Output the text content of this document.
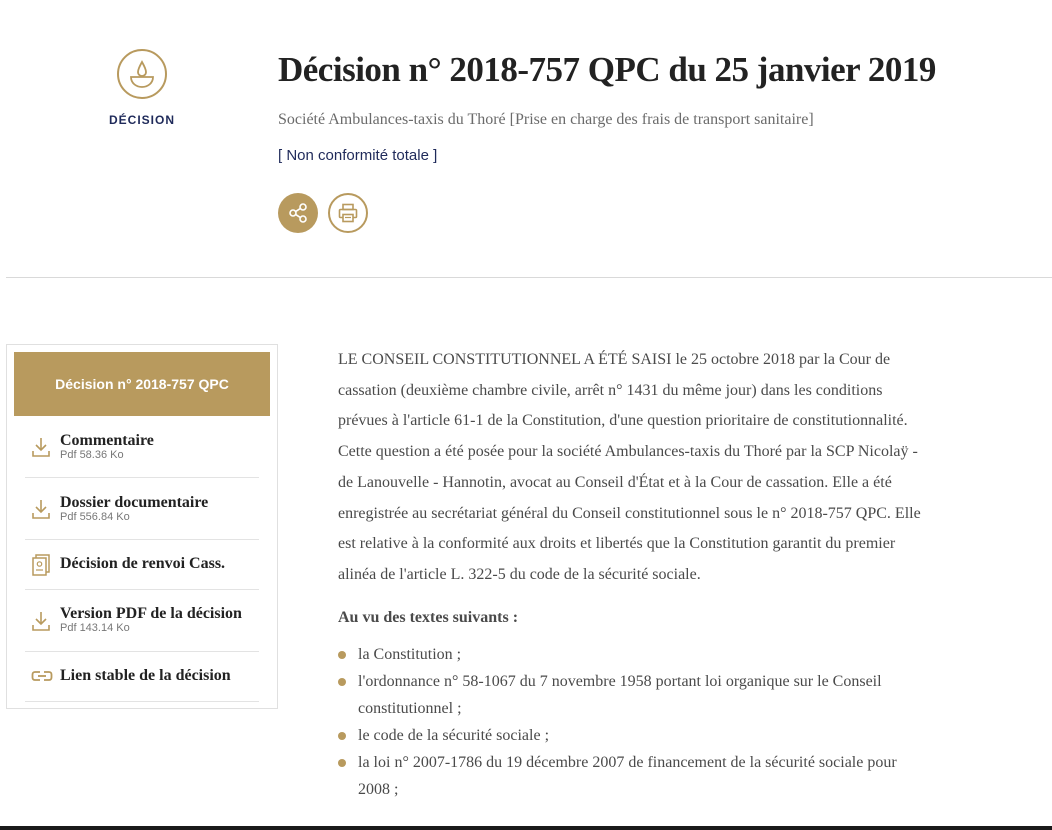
DÉCISION
Décision n° 2018-757 QPC du 25 janvier 2019
Société Ambulances-taxis du Thoré [Prise en charge des frais de transport sanitaire]
[ Non conformité totale ]
Décision n° 2018-757 QPC
Commentaire
Pdf 58.36 Ko
Dossier documentaire
Pdf 556.84 Ko
Décision de renvoi Cass.
Version PDF de la décision
Pdf 143.14 Ko
Lien stable de la décision

LE CONSEIL CONSTITUTIONNEL A ÉTÉ SAISI le 25 octobre 2018 par la Cour de
cassation (deuxième chambre civile, arrêt n° 1431 du même jour) dans les conditions
prévues à l'article 61-1 de la Constitution, d'une question prioritaire de constitutionnalité.
Cette question a été posée pour la société Ambulances-taxis du Thoré par la SCP Nicolaÿ -
de Lanouvelle - Hannotin, avocat au Conseil d'État et à la Cour de cassation. Elle a été
enregistrée au secrétariat général du Conseil constitutionnel sous le n° 2018-757 QPC. Elle
est relative à la conformité aux droits et libertés que la Constitution garantit du premier
alinéa de l'article L. 322-5 du code de la sécurité sociale.

Au vu des textes suivants :
la Constitution ;
l'ordonnance n° 58-1067 du 7 novembre 1958 portant loi organique sur le Conseil
constitutionnel ;
le code de la sécurité sociale ;
la loi n° 2007-1786 du 19 décembre 2007 de financement de la sécurité sociale pour
2008 ;
